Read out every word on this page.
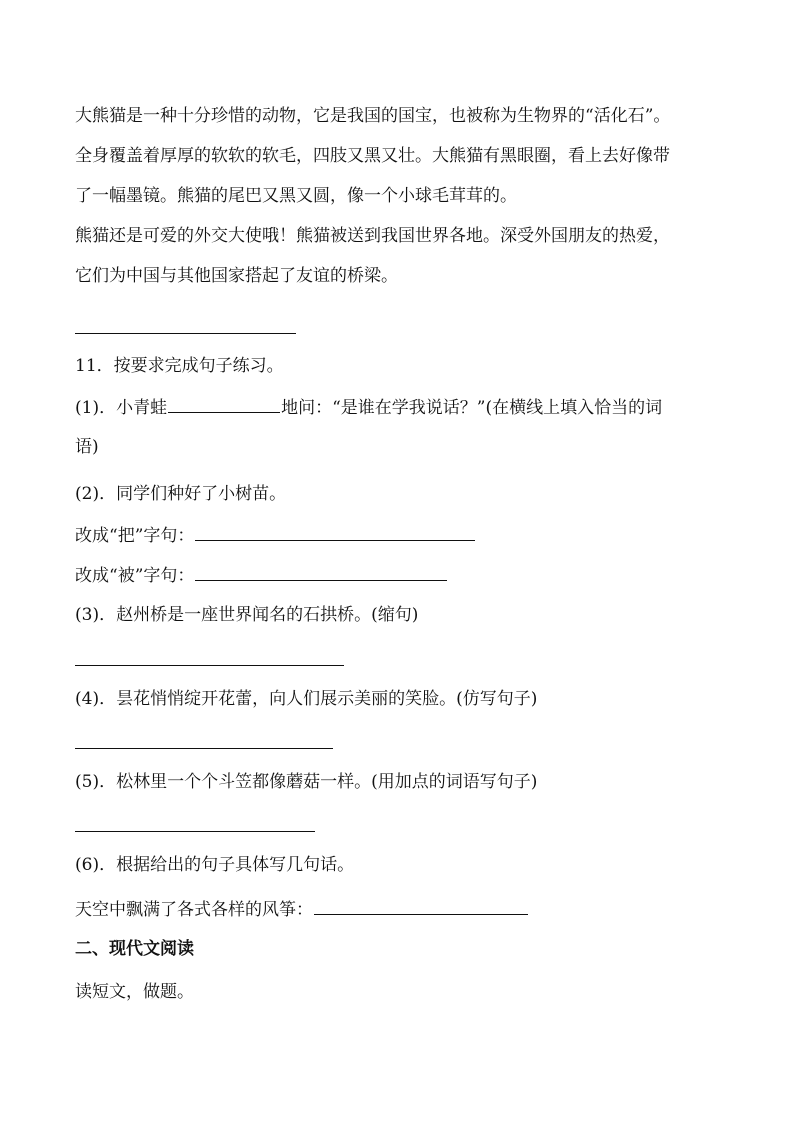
大熊猫是一种十分珍惜的动物，它是我国的国宝，也被称为生物界的“活化石”。
全身覆盖着厚厚的软软的软毛，四肢又黑又壮。大熊猫有黑眼圈，看上去好像带
了一幅墨镜。熊猫的尾巴又黑又圆，像一个小球毛茸茸的。
熊猫还是可爱的外交大使哦！熊猫被送到我国世界各地。深受外国朋友的热爱，
它们为中国与其他国家搭起了友谊的桥梁。
11．按要求完成句子练习。
(1)．小青蛙	地问：“是谁在学我说话？”(在横线上填入恰当的词
语)
(2)．同学们种好了小树苗。
改成“把”字句：
改成“被”字句：
(3)．赵州桥是一座世界闻名的石拱桥。(缩句)
(4)．昙花悄悄绽开花蕾，向人们展示美丽的笑脸。(仿写句子)
(5)．松林里一个个斗笠都像蘑菇一样。(用加点的词语写句子)
(6)．根据给出的句子具体写几句话。
天空中飘满了各式各样的风筝：
二、现代文阅读
读短文，做题。
